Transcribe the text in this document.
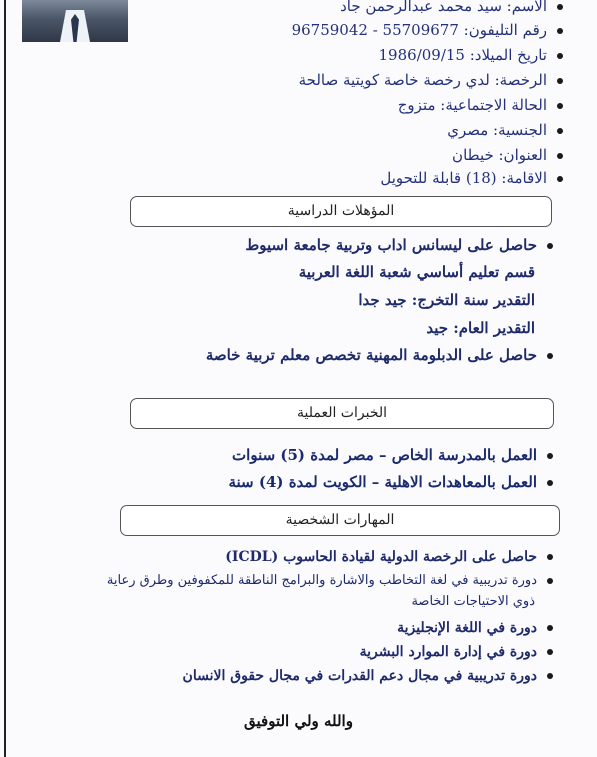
الاسم: سيد محمد عبدالرحمن جاد
رقم التليفون: 55709677 - 96759042
تاريخ الميلاد: 1986/09/15
الرخصة: لدي رخصة خاصة كويتية صالحة
الحالة الاجتماعية: متزوج
الجنسية: مصري
العنوان: خيطان
الاقامة: (18) قابلة للتحويل
المؤهلات الدراسية
حاصل على ليسانس اداب وتربية جامعة اسيوط
قسم تعليم أساسي شعبة اللغة العربية
التقدير سنة التخرج: جيد جدا
التقدير العام: جيد
حاصل على الدبلومة المهنية تخصص معلم تربية خاصة
الخبرات العملية
العمل بالمدرسة الخاص – مصر لمدة (5) سنوات
العمل بالمعاهدات الاهلية – الكويت لمدة (4) سنة
المهارات الشخصية
حاصل على الرخصة الدولية لقيادة الحاسوب (ICDL)
دورة تدريبية في لغة التخاطب والاشارة والبرامج الناطقة للمكفوفين وطرق رعاية
ذوي الاحتياجات الخاصة
دورة في اللغة الإنجليزية
دورة في إدارة الموارد البشرية
دورة تدريبية في مجال دعم القدرات في مجال حقوق الانسان
والله ولي التوفيق
